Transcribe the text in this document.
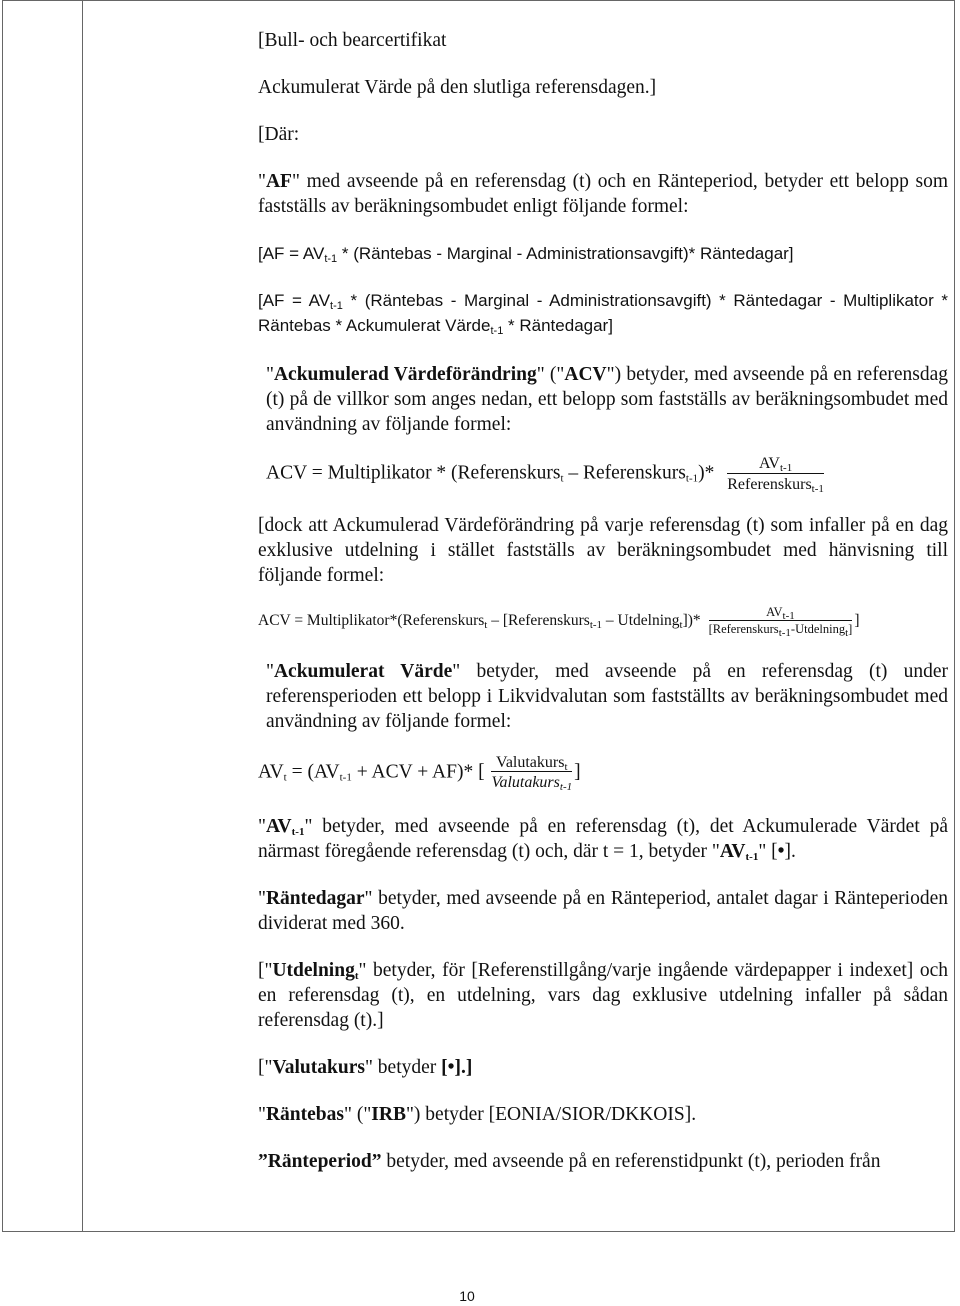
[Bull- och bearcertifikat

Ackumulerat Värde på den slutliga referensdagen.]

[Där:

"AF" med avseende på en referensdag (t) och en Ränteperiod, betyder ett belopp som fastställs av beräkningsombudet enligt följande formel:

[$AF = AV_{t-1}$ * (Räntebas - Marginal - Administrationsavgift)* Räntedagar]

[$AF = AV_{t-1}$ * (Räntebas - Marginal - Administrationsavgift) * Räntedagar - Multiplikator * Räntebas * Ackumulerat Värde$_{t-1}$ * Räntedagar]

"Ackumulerad Värdeförändring" ("ACV") betyder, med avseende på en referensdag (t) på de villkor som anges nedan, ett belopp som fastställs av beräkningsombudet med användning av följande formel:

ACV = Multiplikator * (Referenskurs$_t$ – Referenskurs$_{t-1}$)* $\frac{AV_{t-1}}{Referenskurs_{t-1}}$

[dock att Ackumulerad Värdeförändring på varje referensdag (t) som infaller på en dag exklusive utdelning i stället fastställs av beräkningsombudet med hänvisning till följande formel:

ACV = Multiplikator*(Referenskurs$_t$ – [Referenskurs$_{t-1}$ – Utdelning$_t$])* $\frac{AV_{t-1}}{[Referenskurs_{t-1}-Utdelning_t]}$ ]

"Ackumulerat Värde" betyder, med avseende på en referensdag (t) under referensperioden ett belopp i Likvidvalutan som fastställts av beräkningsombudet med användning av följande formel:

$AV_t = (AV_{t-1}$ + ACV + AF)* [ $\frac{Valutakurs_t}{Valutakurs_{t-1}}$ ]

"$AV_{t-1}$" betyder, med avseende på en referensdag (t), det Ackumulerade Värdet på närmast föregående referensdag (t) och, där t = 1, betyder "$AV_{t-1}$" [•].

"Räntedagar" betyder, med avseende på en Ränteperiod, antalet dagar i Ränteperioden dividerat med 360.

["Utdelning$_t$" betyder, för [Referenstillgång/varje ingående värdepapper i indexet] och en referensdag (t), en utdelning, vars dag exklusive utdelning infaller på sådan referensdag (t).]

["Valutakurs" betyder [•].]

"Räntebas" ("IRB") betyder [EONIA/SIOR/DKKOIS].

”Ränteperiod” betyder, med avseende på en referenstidpunkt (t), perioden från

10
